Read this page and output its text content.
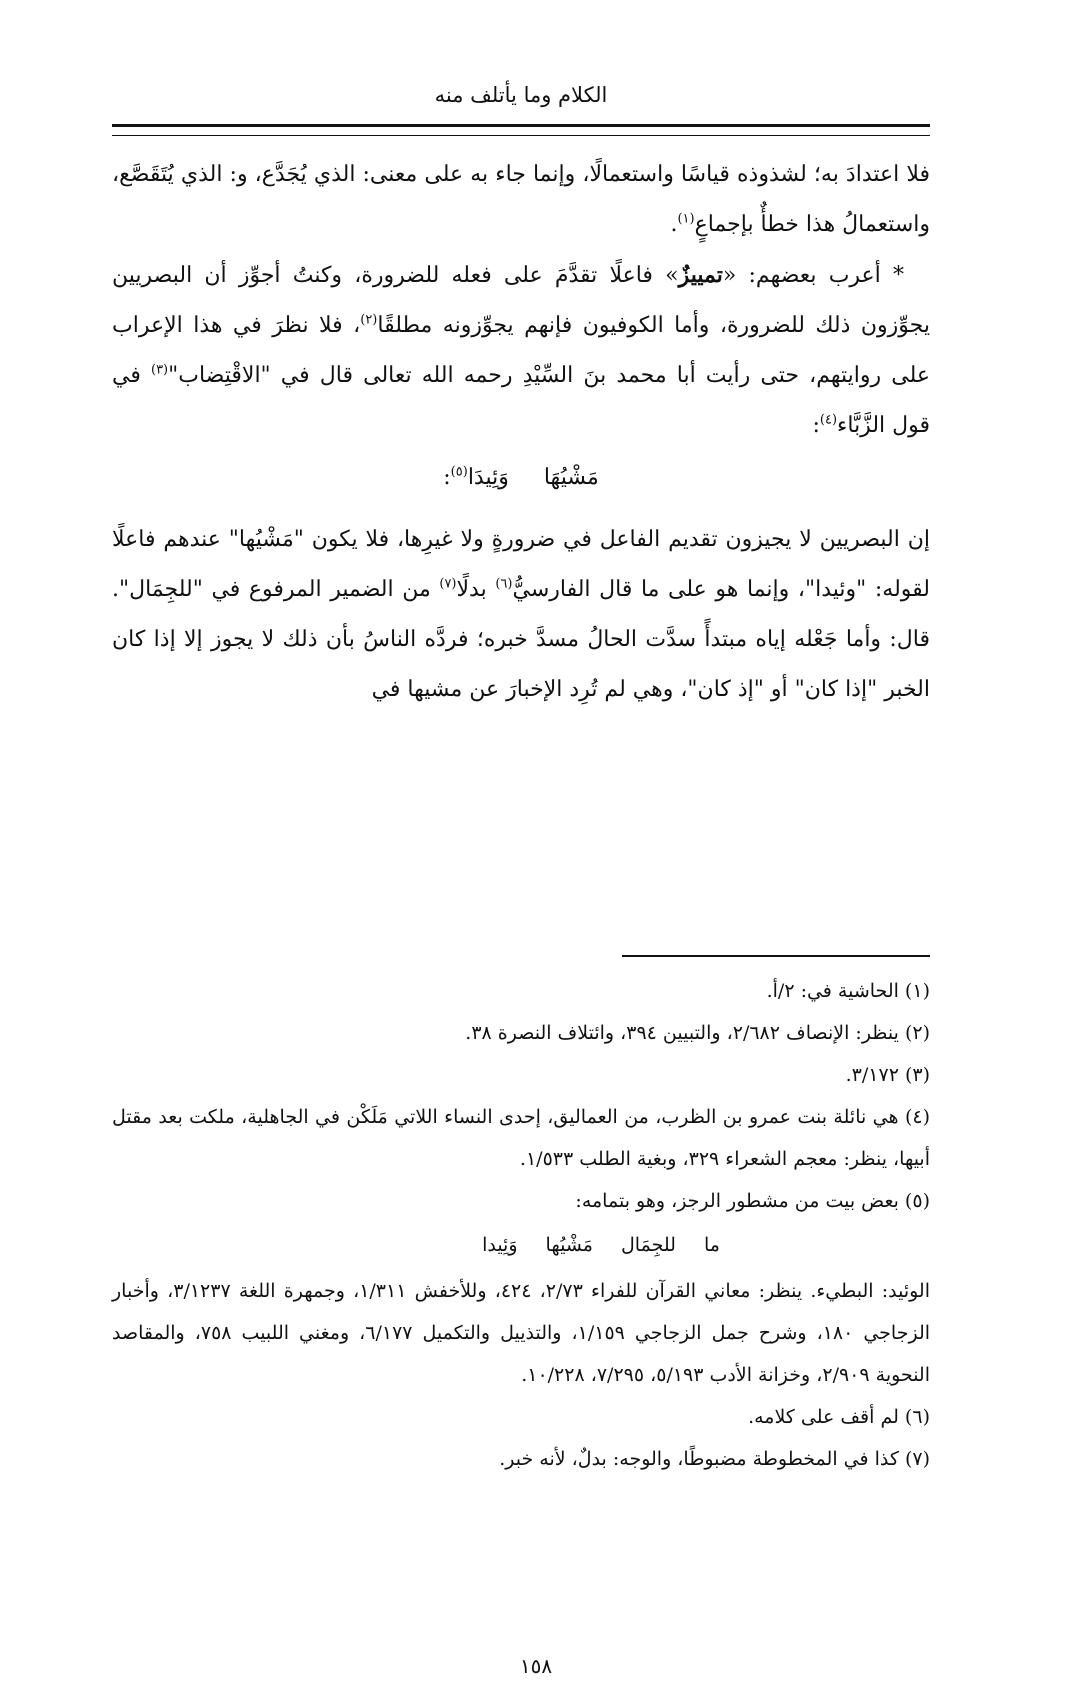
الكلام وما يأتلف منه

فلا اعتدادَ به؛ لشذوذه قياسًا واستعمالًا، وإنما جاء به على معنى: الذي يُجَدَّع، و: الذي يُتَقَصَّع، واستعمالُ هذا خطأٌ بإجماعٍ$^{(١)}$.

* أعرب بعضهم: «تمييزٌ» فاعلًا تقدَّمَ على فعله للضرورة، وكنتُ أجوِّز أن البصريين يجوِّزون ذلك للضرورة، وأما الكوفيون فإنهم يجوِّزونه مطلقًا$^{(٢)}$، فلا نظرَ في هذا الإعراب على روايتهم، حتى رأيت أبا محمد بنَ السِّيْدِ رحمه الله تعالى قال في "الاقْتِضاب"$^{(٣)}$ في قول الزَّبَّاء$^{(٤)}$:

مَشْيُهَا وَئِيدَا$^{(٥)}$:

إن البصريين لا يجيزون تقديم الفاعل في ضرورةٍ ولا غيرِها، فلا يكون "مَشْيُها" عندهم فاعلًا لقوله: "وئيدا"، وإنما هو على ما قال الفارسيُّ$^{(٦)}$ بدلًا$^{(٧)}$ من الضمير المرفوع في "للجِمَال". قال: وأما جَعْله إياه مبتدأً سدَّت الحالُ مسدَّ خبره؛ فردَّه الناسُ بأن ذلك لا يجوز إلا إذا كان الخبر "إذا كان" أو "إذ كان"، وهي لم تُرِد الإخبارَ عن مشيها في

(١) الحاشية في: ٢/أ.

(٢) ينظر: الإنصاف ٢/٦٨٢، والتبيين ٣٩٤، وائتلاف النصرة ٣٨.

(٣) ٣/١٧٢.

(٤) هي نائلة بنت عمرو بن الظرب، من العماليق، إحدى النساء اللاتي مَلَكْن في الجاهلية، ملكت بعد مقتل أبيها، ينظر: معجم الشعراء ٣٢٩، وبغية الطلب ١/٥٣٣.

(٥) بعض بيت من مشطور الرجز، وهو بتمامه:

ما للجِمَال مَشْيُها وَئِيدا

الوئيد: البطيء. ينظر: معاني القرآن للفراء ٢/٧٣، ٤٢٤، وللأخفش ١/٣١١، وجمهرة اللغة ٣/١٢٣٧، وأخبار الزجاجي ١٨٠، وشرح جمل الزجاجي ١/١٥٩، والتذييل والتكميل ٦/١٧٧، ومغني اللبيب ٧٥٨، والمقاصد النحوية ٢/٩٠٩، وخزانة الأدب ٥/١٩٣، ٧/٢٩٥، ١٠/٢٢٨.

(٦) لم أقف على كلامه.

(٧) كذا في المخطوطة مضبوطًا، والوجه: بدلٌ، لأنه خبر.

١٥٨
